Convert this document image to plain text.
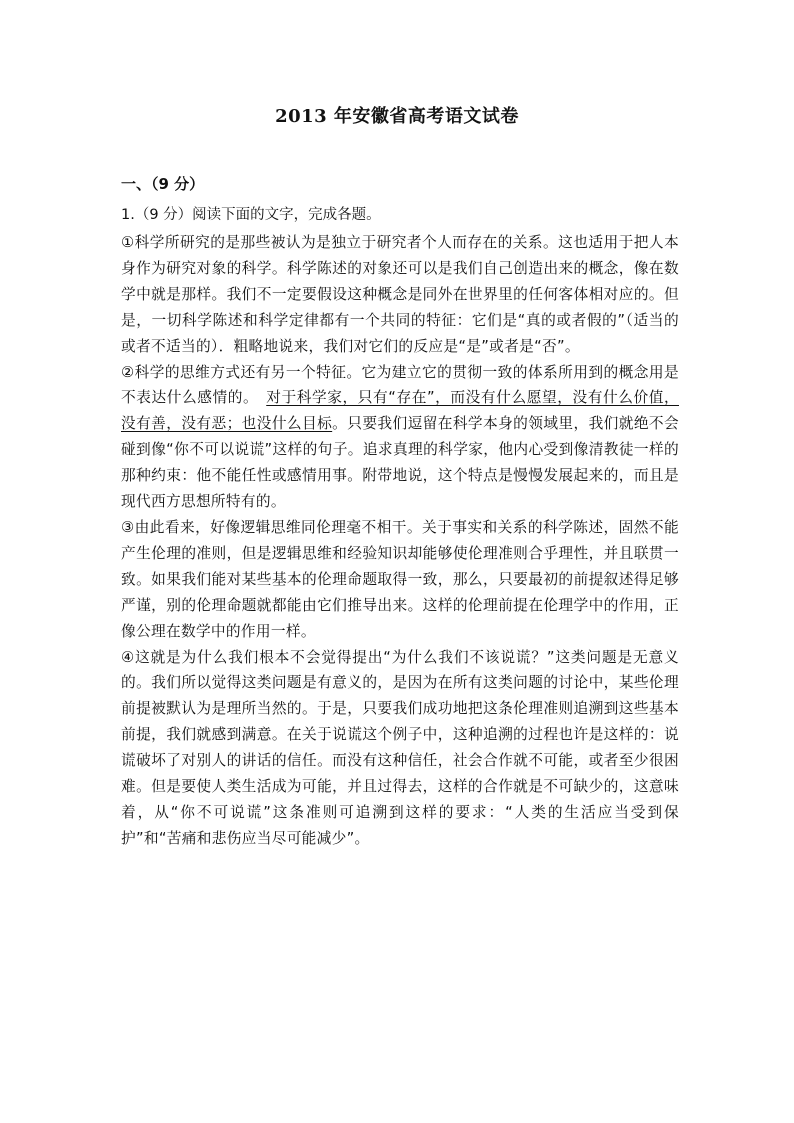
2013 年安徽省高考语文试卷
一、（9 分）
1.（9 分）阅读下面的文字，完成各题。

①科学所研究的是那些被认为是独立于研究者个人而存在的关系。这也适用于把人本身作为研究对象的科学。科学陈述的对象还可以是我们自己创造出来的概念，像在数学中就是那样。我们不一定要假设这种概念是同外在世界里的任何客体相对应的。但是，一切科学陈述和科学定律都有一个共同的特征：它们是“真的或者假的”（适当的或者不适当的）．粗略地说来，我们对它们的反应是“是”或者是“否”。

②科学的思维方式还有另一个特征。它为建立它的贯彻一致的体系所用到的概念用是不表达什么感情的。　 对于科学家，只有“存在”，而没有什么愿望，没有什么价值，没有善，没有恶；也没什么目标。只要我们逗留在科学本身的领域里，我们就绝不会碰到像“你不可以说谎”这样的句子。追求真理的科学家，他内心受到像清教徒一样的那种约束：他不能任性或感情用事。附带地说，这个特点是慢慢发展起来的，而且是现代西方思想所特有的。

③由此看来，好像逻辑思维同伦理毫不相干。关于事实和关系的科学陈述，固然不能产生伦理的准则，但是逻辑思维和经验知识却能够使伦理准则合乎理性，并且联贯一致。如果我们能对某些基本的伦理命题取得一致，那么，只要最初的前提叙述得足够严谨，别的伦理命题就都能由它们推导出来。这样的伦理前提在伦理学中的作用，正像公理在数学中的作用一样。

④这就是为什么我们根本不会觉得提出“为什么我们不该说谎？”这类问题是无意义的。我们所以觉得这类问题是有意义的，是因为在所有这类问题的讨论中，某些伦理前提被默认为是理所当然的。于是，只要我们成功地把这条伦理准则追溯到这些基本前提，我们就感到满意。在关于说谎这个例子中，这种追溯的过程也许是这样的：说谎破坏了对别人的讲话的信任。而没有这种信任，社会合作就不可能，或者至少很困难。但是要使人类生活成为可能，并且过得去，这样的合作就是不可缺少的，这意味着，从“你不可说谎”这条准则可追溯到这样的要求：“人类的生活应当受到保护”和“苦痛和悲伤应当尽可能减少”。
